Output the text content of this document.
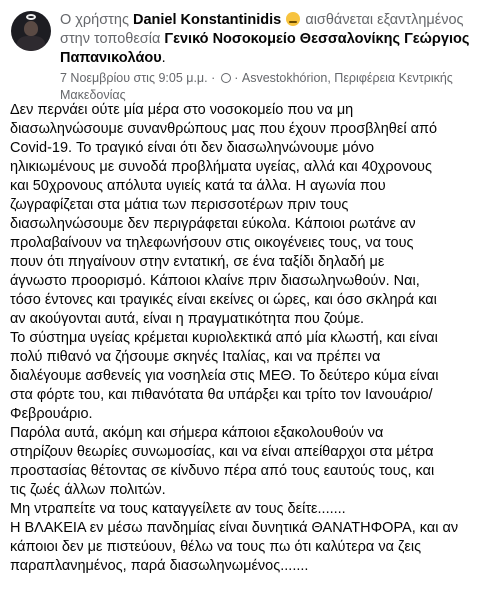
Ο χρήστης Daniel Konstantinidis αισθάνεται εξαντλημένος στην τοποθεσία Γενικό Νοσοκομείο Θεσσαλονίκης Γεώργιος Παπανικολάου.
7 Νοεμβρίου στις 9:05 μ.μ. · · Asvestokhórion, Περιφέρεια Κεντρικής Μακεδονίας

Δεν περνάει ούτε μία μέρα στο νοσοκομείο που να μη
διασωληνώσουμε συνανθρώπους μας που έχουν προσβληθεί από
Covid-19. Το τραγικό είναι ότι δεν διασωληνώνουμε μόνο
ηλικιωμένους με συνοδά προβλήματα υγείας, αλλά και 40χρονους
και 50χρονους απόλυτα υγιείς κατά τα άλλα. Η αγωνία που
ζωγραφίζεται στα μάτια των περισσοτέρων πριν τους
διασωληνώσουμε δεν περιγράφεται εύκολα. Κάποιοι ρωτάνε αν
προλαβαίνουν να τηλεφωνήσουν στις οικογένειες τους, να τους
πουν ότι πηγαίνουν στην εντατική, σε ένα ταξίδι δηλαδή με
άγνωστο προορισμό. Κάποιοι κλαίνε πριν διασωληνωθούν. Ναι,
τόσο έντονες και τραγικές είναι εκείνες οι ώρες, και όσο σκληρά και
αν ακούγονται αυτά, είναι η πραγματικότητα που ζούμε.

Το σύστημα υγείας κρέμεται κυριολεκτικά από μία κλωστή, και είναι
πολύ πιθανό να ζήσουμε σκηνές Ιταλίας, και να πρέπει να
διαλέγουμε ασθενείς για νοσηλεία στις ΜΕΘ. Το δεύτερο κύμα είναι
στα φόρτε του, και πιθανότατα θα υπάρξει και τρίτο τον Ιανουάριο/
Φεβρουάριο.

Παρόλα αυτά, ακόμη και σήμερα κάποιοι εξακολουθούν να
στηρίζουν θεωρίες συνωμοσίας, και να είναι απείθαρχοι στα μέτρα
προστασίας θέτοντας σε κίνδυνο πέρα από τους εαυτούς τους, και
τις ζωές άλλων πολιτών.

Μη ντραπείτε να τους καταγγείλετε αν τους δείτε.......

Η ΒΛΑΚΕΙΑ εν μέσω πανδημίας είναι δυνητικά ΘΑΝΑΤΗΦΟΡΑ, και αν
κάποιοι δεν με πιστεύουν, θέλω να τους πω ότι καλύτερα να ζεις
παραπλανημένος, παρά διασωληνωμένος.......
